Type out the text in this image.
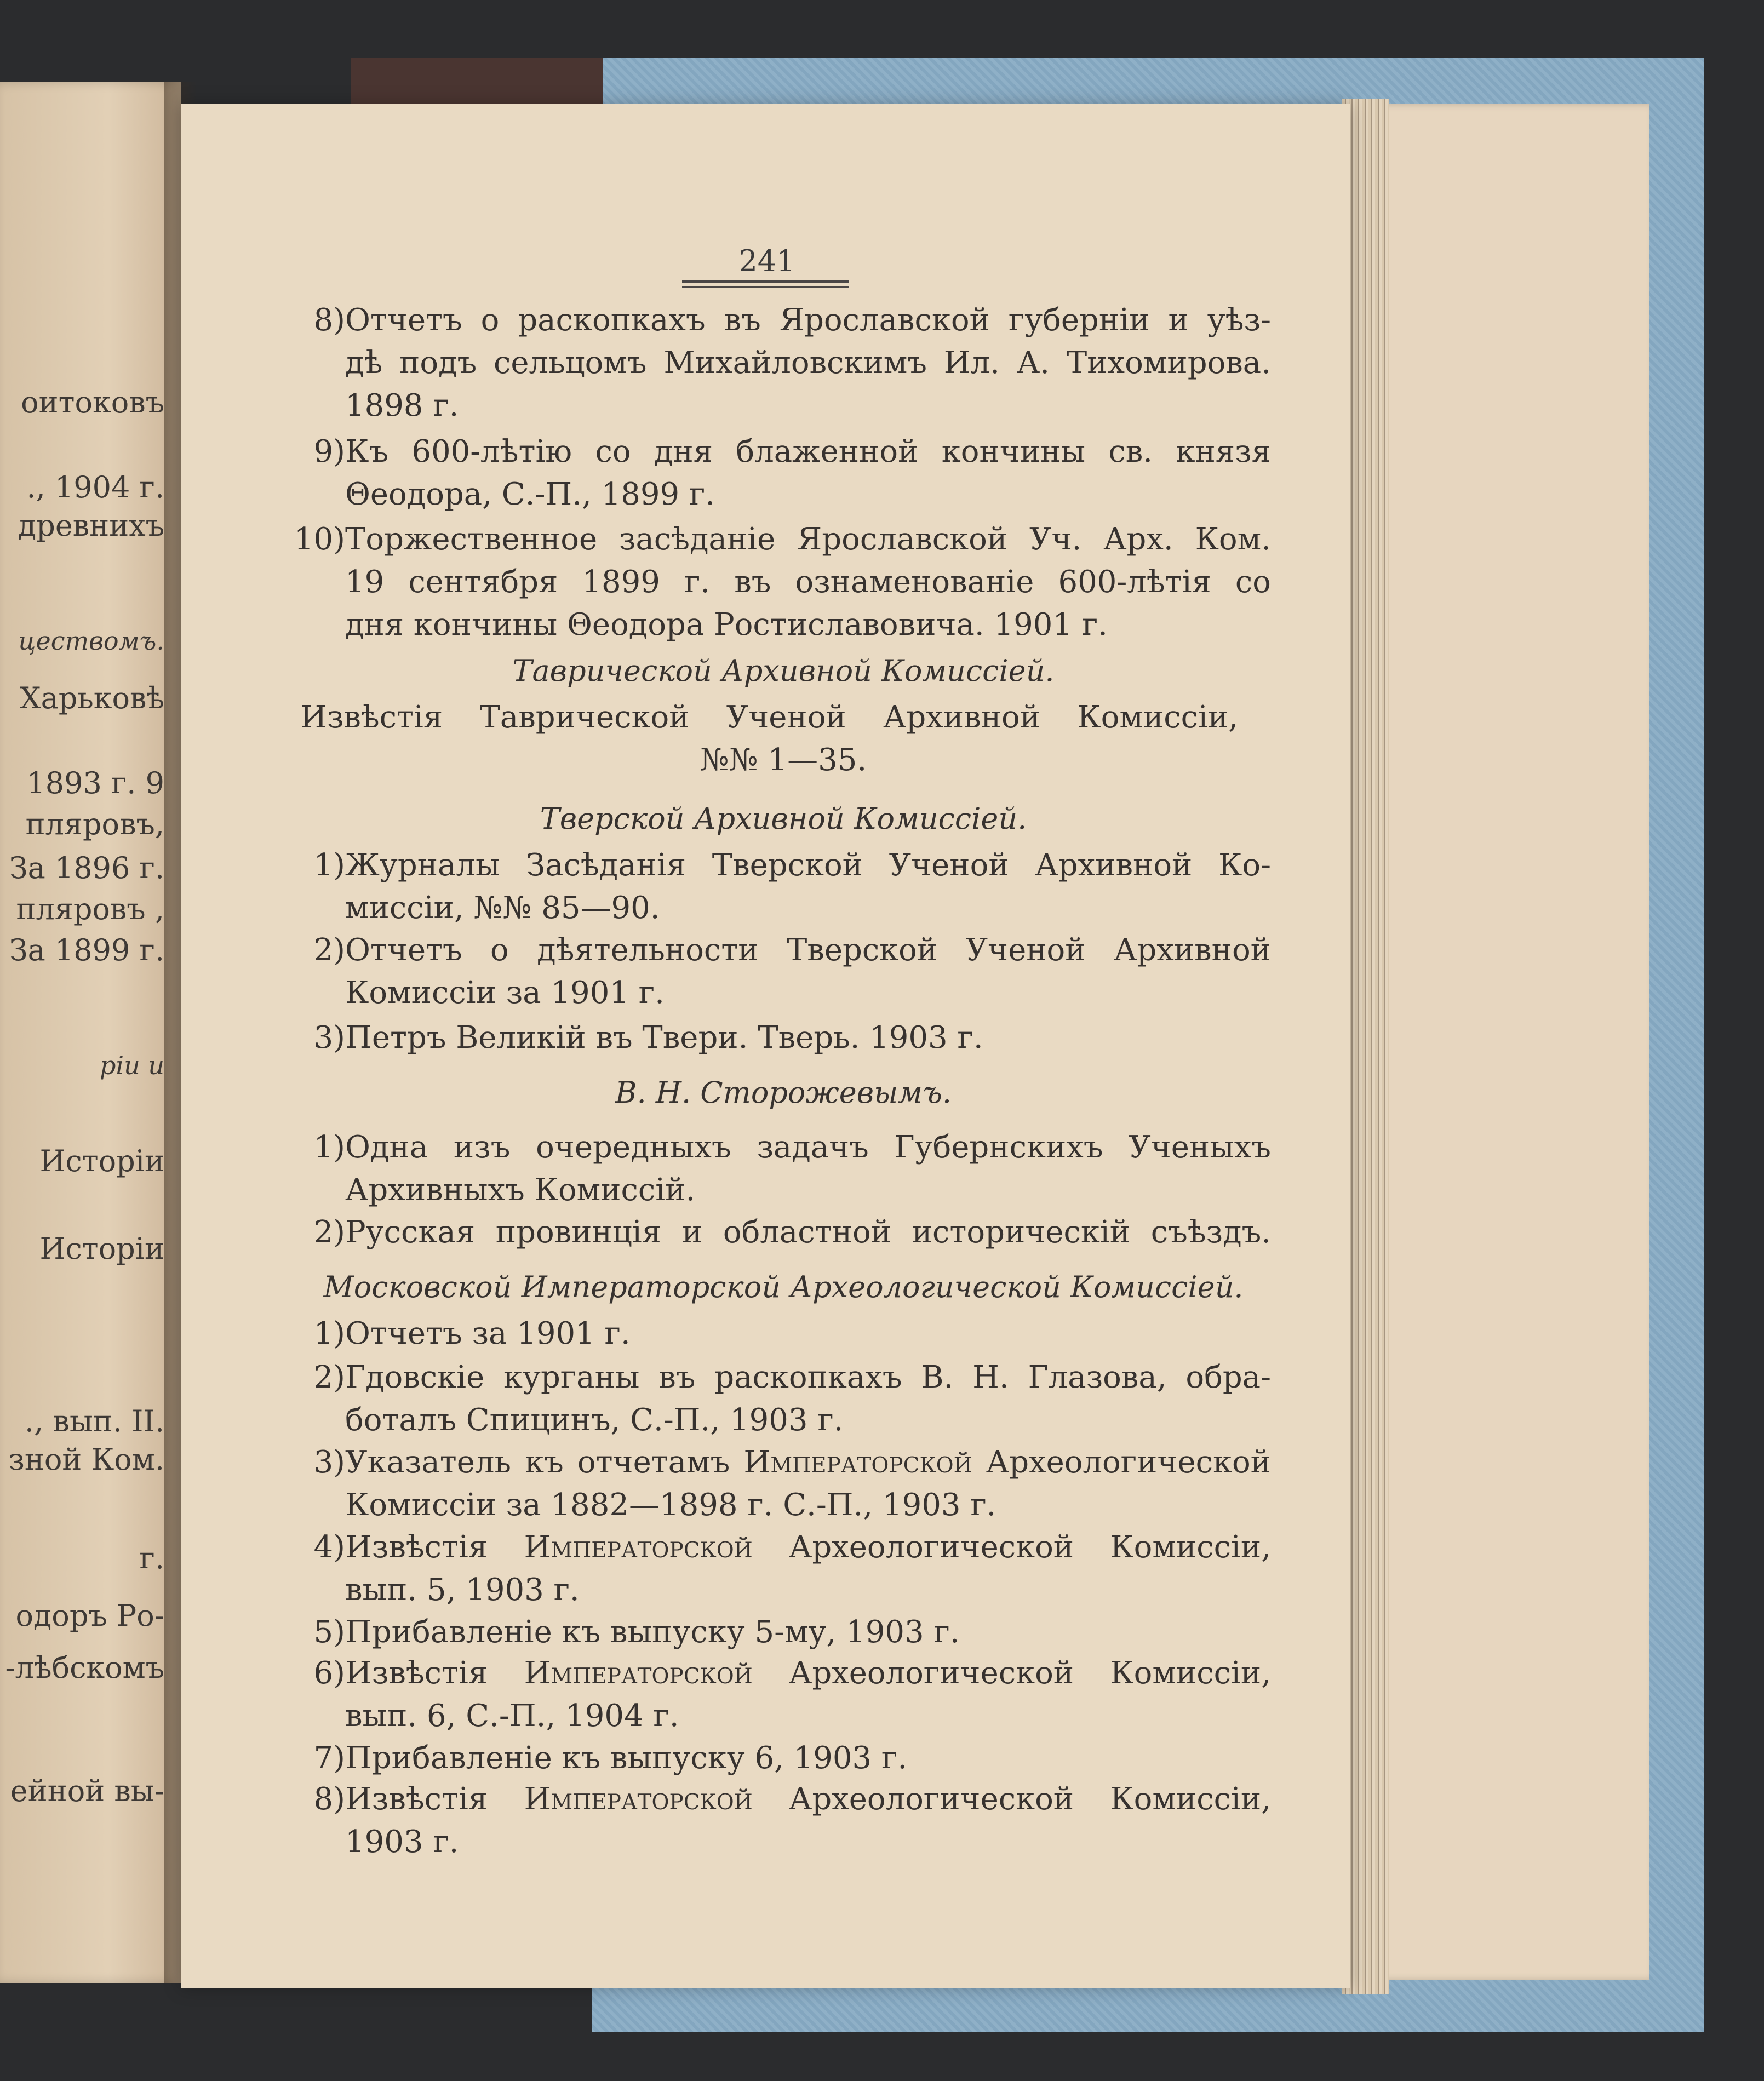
оитоковъ
., 1904 г.
древнихъ
цествомъ.
Харьковѣ
1893 г. 9
пляровъ,
За 1896 г.
пляровъ ,
За 1899 г.
рiи и
Исторiи
Исторiи
., вып. II.
зной Ком.
г.
одоръ Ро-
-лѣбскомъ
ейной вы-
241
8) Отчетъ о раскопкахъ въ Ярославской губерніи и уѣз-
дѣ подъ сельцомъ Михайловскимъ Ил. А. Тихомирова.
1898 г.
9) Къ 600-лѣтію со дня блаженной кончины св. князя
Θеодора, С.-П., 1899 г.
10) Торжественное засѣданіе Ярославской Уч. Арх. Ком.
19 сентября 1899 г. въ ознаменованіе 600-лѣтія со
дня кончины Θеодора Ростиславовича. 1901 г.
Таврической Архивной Комиссіей.
Извѣстія Таврической Ученой Архивной Комиссіи,
№№ 1—35.
Тверской Архивной Комиссіей.
1) Журналы Засѣданія Тверской Ученой Архивной Ко-
миссіи, №№ 85—90.
2) Отчетъ о дѣятельности Тверской Ученой Архивной
Комиссіи за 1901 г.
3) Петръ Великій въ Твери. Тверь. 1903 г.
В. Н. Сторожевымъ.
1) Одна изъ очередныхъ задачъ Губернскихъ Ученыхъ
Архивныхъ Комиссій.
2) Русская провинція и областной историческій съѣздъ.
Московской Императорской Археологической Комиссіей.
1) Отчетъ за 1901 г.
2) Гдовскіе курганы въ раскопкахъ В. Н. Глазова, обра-
боталъ Спицинъ, С.-П., 1903 г.
3) Указатель къ отчетамъ Императорской Археологической
Комиссіи за 1882—1898 г. С.-П., 1903 г.
4) Извѣстія Императорской Археологической Комиссіи,
вып. 5, 1903 г.
5) Прибавленіе къ выпуску 5-му, 1903 г.
6) Извѣстія Императорской Археологической Комиссіи,
вып. 6, С.-П., 1904 г.
7) Прибавленіе къ выпуску 6, 1903 г.
8) Извѣстія Императорской Археологической Комиссіи,
1903 г.
